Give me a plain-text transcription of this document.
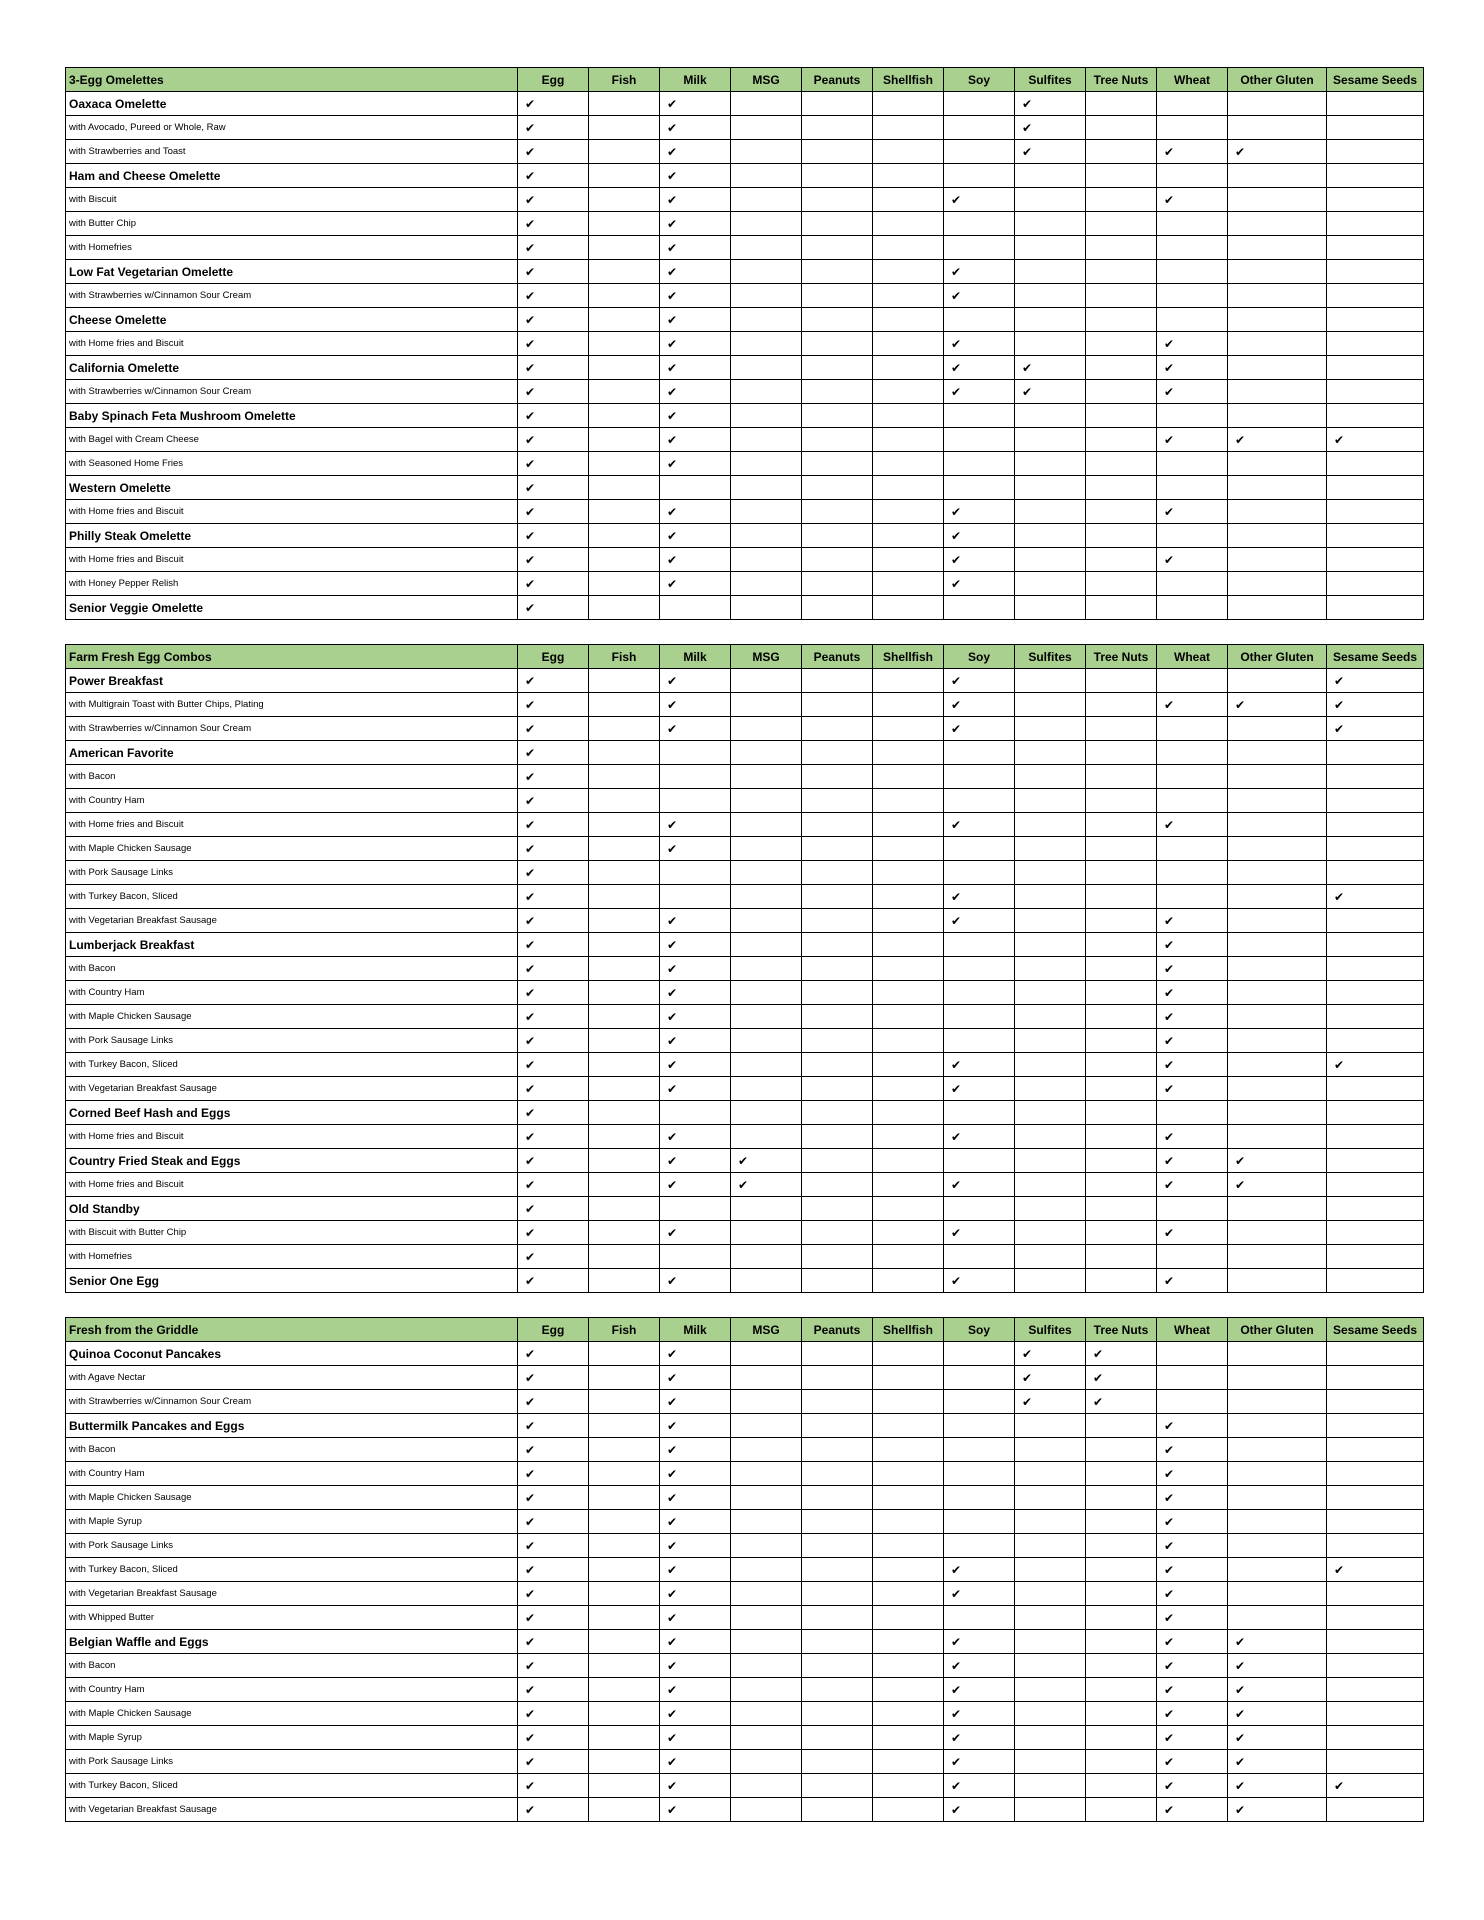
3-Egg Omelettes	Egg	Fish	Milk	MSG	Peanuts	Shellfish	Soy	Sulfites	Tree Nuts	Wheat	Other Gluten	Sesame Seeds
Oaxaca Omelette	✔		✔					✔				
with Avocado, Pureed or Whole, Raw	✔		✔					✔				
with Strawberries and Toast	✔		✔					✔		✔	✔	
Ham and Cheese Omelette	✔		✔									
with Biscuit	✔		✔				✔			✔		
with Butter Chip	✔		✔									
with Homefries	✔		✔									
Low Fat Vegetarian Omelette	✔		✔				✔					
with Strawberries w/Cinnamon Sour Cream	✔		✔				✔					
Cheese Omelette	✔		✔									
with Home fries and Biscuit	✔		✔				✔			✔		
California Omelette	✔		✔				✔	✔		✔		
with Strawberries w/Cinnamon Sour Cream	✔		✔				✔	✔		✔		
Baby Spinach Feta Mushroom Omelette	✔		✔									
with Bagel with Cream Cheese	✔		✔							✔	✔	✔
with Seasoned Home Fries	✔		✔									
Western Omelette	✔											
with Home fries and Biscuit	✔		✔				✔			✔		
Philly Steak Omelette	✔		✔				✔					
with Home fries and Biscuit	✔		✔				✔			✔		
with Honey Pepper Relish	✔		✔				✔					
Senior Veggie Omelette	✔											
Farm Fresh Egg Combos	Egg	Fish	Milk	MSG	Peanuts	Shellfish	Soy	Sulfites	Tree Nuts	Wheat	Other Gluten	Sesame Seeds
Power Breakfast	✔		✔				✔					✔
with Multigrain Toast with Butter Chips, Plating	✔		✔				✔			✔	✔	✔
with Strawberries w/Cinnamon Sour Cream	✔		✔				✔					✔
American Favorite	✔											
with Bacon	✔											
with Country Ham	✔											
with Home fries and Biscuit	✔		✔				✔			✔		
with Maple Chicken Sausage	✔		✔									
with Pork Sausage Links	✔											
with Turkey Bacon, Sliced	✔						✔					✔
with Vegetarian Breakfast Sausage	✔		✔				✔			✔		
Lumberjack Breakfast	✔		✔							✔		
with Bacon	✔		✔							✔		
with Country Ham	✔		✔							✔		
with Maple Chicken Sausage	✔		✔							✔		
with Pork Sausage Links	✔		✔							✔		
with Turkey Bacon, Sliced	✔		✔				✔			✔		✔
with Vegetarian Breakfast Sausage	✔		✔				✔			✔		
Corned Beef Hash and Eggs	✔											
with Home fries and Biscuit	✔		✔				✔			✔		
Country Fried Steak and Eggs	✔		✔	✔						✔	✔	
with Home fries and Biscuit	✔		✔	✔			✔			✔	✔	
Old Standby	✔											
with Biscuit with Butter Chip	✔		✔				✔			✔		
with Homefries	✔											
Senior One Egg	✔		✔				✔			✔		
Fresh from the Griddle	Egg	Fish	Milk	MSG	Peanuts	Shellfish	Soy	Sulfites	Tree Nuts	Wheat	Other Gluten	Sesame Seeds
Quinoa Coconut Pancakes	✔		✔					✔	✔			
with Agave Nectar	✔		✔					✔	✔			
with Strawberries w/Cinnamon Sour Cream	✔		✔					✔	✔			
Buttermilk Pancakes and Eggs	✔		✔							✔		
with Bacon	✔		✔							✔		
with Country Ham	✔		✔							✔		
with Maple Chicken Sausage	✔		✔							✔		
with Maple Syrup	✔		✔							✔		
with Pork Sausage Links	✔		✔							✔		
with Turkey Bacon, Sliced	✔		✔				✔			✔		✔
with Vegetarian Breakfast Sausage	✔		✔				✔			✔		
with Whipped Butter	✔		✔							✔		
Belgian Waffle and Eggs	✔		✔				✔			✔	✔	
with Bacon	✔		✔				✔			✔	✔	
with Country Ham	✔		✔				✔			✔	✔	
with Maple Chicken Sausage	✔		✔				✔			✔	✔	
with Maple Syrup	✔		✔				✔			✔	✔	
with Pork Sausage Links	✔		✔				✔			✔	✔	
with Turkey Bacon, Sliced	✔		✔				✔			✔	✔	✔
with Vegetarian Breakfast Sausage	✔		✔				✔			✔	✔	
